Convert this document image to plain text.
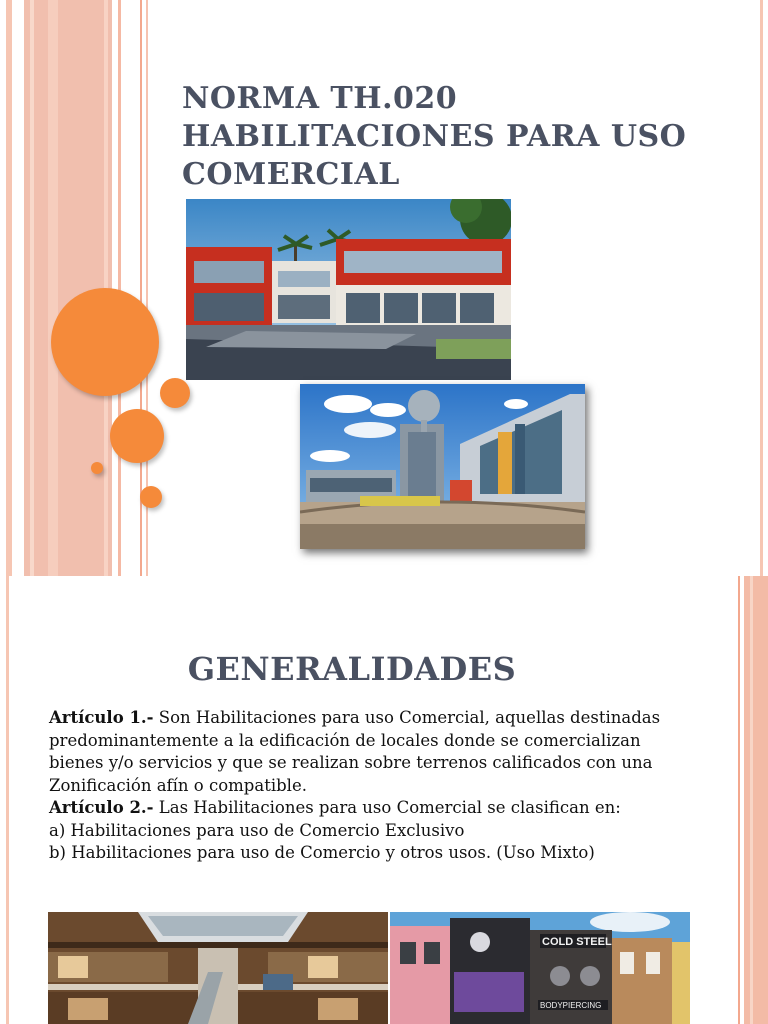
NORMA TH.020
HABILITACIONES PARA USO
COMERCIAL
GENERALIDADES

Artículo 1.- Son Habilitaciones para uso Comercial, aquellas destinadas predominantemente a la edificación de locales donde se comercializan bienes y/o servicios y que se realizan sobre terrenos calificados con una Zonificación afín o compatible.

Artículo 2.- Las Habilitaciones para uso Comercial se clasifican en:

a) Habilitaciones para uso de Comercio Exclusivo

b) Habilitaciones para uso de Comercio y otros usos. (Uso Mixto)

COLD STEEL
BODYPIERCING
